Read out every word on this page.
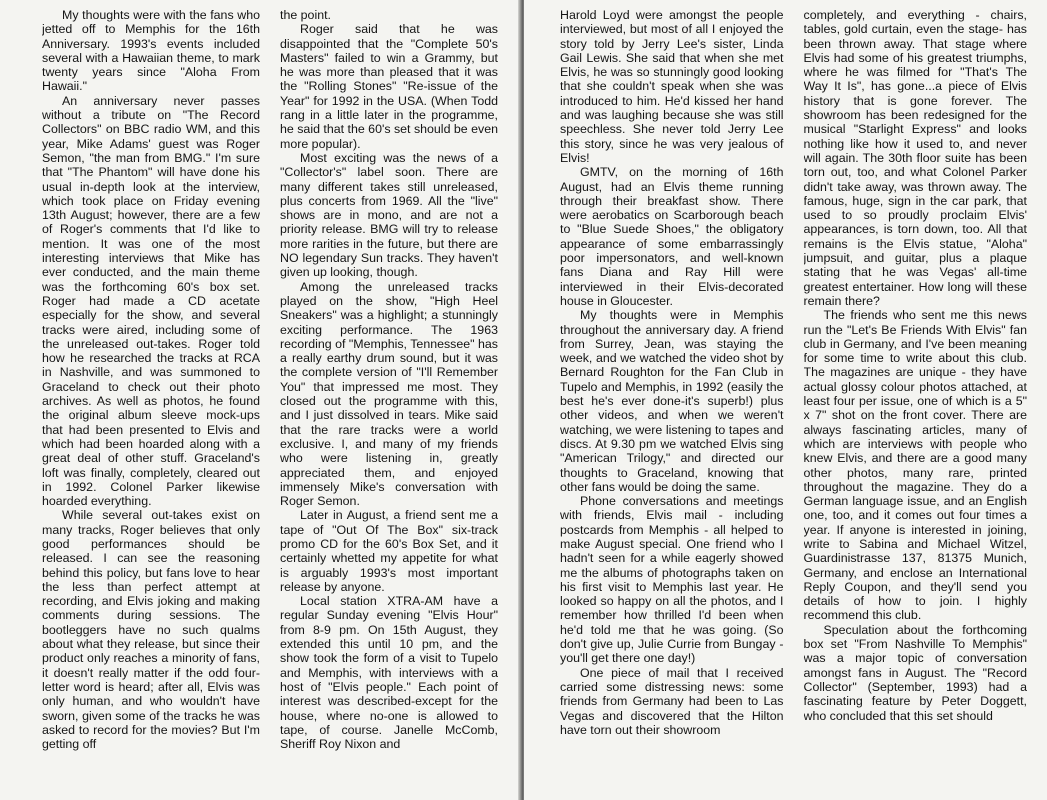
My thoughts were with the fans who jetted off to Memphis for the 16th Anniversary. 1993's events included several with a Hawaiian theme, to mark twenty years since "Aloha From Hawaii."

An anniversary never passes without a tribute on "The Record Collectors" on BBC radio WM, and this year, Mike Adams' guest was Roger Semon, "the man from BMG." I'm sure that "The Phantom" will have done his usual in-depth look at the interview, which took place on Friday evening 13th August; however, there are a few of Roger's comments that I'd like to mention. It was one of the most interesting interviews that Mike has ever conducted, and the main theme was the forthcoming 60's box set. Roger had made a CD acetate especially for the show, and several tracks were aired, including some of the unreleased out-takes. Roger told how he researched the tracks at RCA in Nashville, and was summoned to Graceland to check out their photo archives. As well as photos, he found the original album sleeve mock-ups that had been presented to Elvis and which had been hoarded along with a great deal of other stuff. Graceland's loft was finally, completely, cleared out in 1992. Colonel Parker likewise hoarded everything.

While several out-takes exist on many tracks, Roger believes that only good performances should be released. I can see the reasoning behind this policy, but fans love to hear the less than perfect attempt at recording, and Elvis joking and making comments during sessions. The bootleggers have no such qualms about what they release, but since their product only reaches a minority of fans, it doesn't really matter if the odd four-letter word is heard; after all, Elvis was only human, and who wouldn't have sworn, given some of the tracks he was asked to record for the movies? But I'm getting off

the point.

Roger said that he was disappointed that the "Complete 50's Masters" failed to win a Grammy, but he was more than pleased that it was the "Rolling Stones" "Re-issue of the Year" for 1992 in the USA. (When Todd rang in a little later in the programme, he said that the 60's set should be even more popular).

Most exciting was the news of a "Collector's" label soon. There are many different takes still unreleased, plus concerts from 1969. All the "live" shows are in mono, and are not a priority release. BMG will try to release more rarities in the future, but there are NO legendary Sun tracks. They haven't given up looking, though.

Among the unreleased tracks played on the show, "High Heel Sneakers" was a highlight; a stunningly exciting performance. The 1963 recording of "Memphis, Tennessee" has a really earthy drum sound, but it was the complete version of "I'll Remember You" that impressed me most. They closed out the programme with this, and I just dissolved in tears. Mike said that the rare tracks were a world exclusive. I, and many of my friends who were listening in, greatly appreciated them, and enjoyed immensely Mike's conversation with Roger Semon.

Later in August, a friend sent me a tape of "Out Of The Box" six-track promo CD for the 60's Box Set, and it certainly whetted my appetite for what is arguably 1993's most important release by anyone.

Local station XTRA-AM have a regular Sunday evening "Elvis Hour" from 8-9 pm. On 15th August, they extended this until 10 pm, and the show took the form of a visit to Tupelo and Memphis, with interviews with a host of "Elvis people." Each point of interest was described-except for the house, where no-one is allowed to tape, of course. Janelle McComb, Sheriff Roy Nixon and

Harold Loyd were amongst the people interviewed, but most of all I enjoyed the story told by Jerry Lee's sister, Linda Gail Lewis. She said that when she met Elvis, he was so stunningly good looking that she couldn't speak when she was introduced to him. He'd kissed her hand and was laughing because she was still speechless. She never told Jerry Lee this story, since he was very jealous of Elvis!

GMTV, on the morning of 16th August, had an Elvis theme running through their breakfast show. There were aerobatics on Scarborough beach to "Blue Suede Shoes," the obligatory appearance of some embarrassingly poor impersonators, and well-known fans Diana and Ray Hill were interviewed in their Elvis-decorated house in Gloucester.

My thoughts were in Memphis throughout the anniversary day. A friend from Surrey, Jean, was staying the week, and we watched the video shot by Bernard Roughton for the Fan Club in Tupelo and Memphis, in 1992 (easily the best he's ever done-it's superb!) plus other videos, and when we weren't watching, we were listening to tapes and discs. At 9.30 pm we watched Elvis sing "American Trilogy," and directed our thoughts to Graceland, knowing that other fans would be doing the same.

Phone conversations and meetings with friends, Elvis mail - including postcards from Memphis - all helped to make August special. One friend who I hadn't seen for a while eagerly showed me the albums of photographs taken on his first visit to Memphis last year. He looked so happy on all the photos, and I remember how thrilled I'd been when he'd told me that he was going. (So don't give up, Julie Currie from Bungay - you'll get there one day!)

One piece of mail that I received carried some distressing news: some friends from Germany had been to Las Vegas and discovered that the Hilton have torn out their showroom

completely, and everything - chairs, tables, gold curtain, even the stage- has been thrown away. That stage where Elvis had some of his greatest triumphs, where he was filmed for "That's The Way It Is", has gone...a piece of Elvis history that is gone forever. The showroom has been redesigned for the musical "Starlight Express" and looks nothing like how it used to, and never will again. The 30th floor suite has been torn out, too, and what Colonel Parker didn't take away, was thrown away. The famous, huge, sign in the car park, that used to so proudly proclaim Elvis' appearances, is torn down, too. All that remains is the Elvis statue, "Aloha" jumpsuit, and guitar, plus a plaque stating that he was Vegas' all-time greatest entertainer. How long will these remain there?

The friends who sent me this news run the "Let's Be Friends With Elvis" fan club in Germany, and I've been meaning for some time to write about this club. The magazines are unique - they have actual glossy colour photos attached, at least four per issue, one of which is a 5" x 7" shot on the front cover. There are always fascinating articles, many of which are interviews with people who knew Elvis, and there are a good many other photos, many rare, printed throughout the magazine. They do a German language issue, and an English one, too, and it comes out four times a year. If anyone is interested in joining, write to Sabina and Michael Witzel, Guardinistrasse 137, 81375 Munich, Germany, and enclose an International Reply Coupon, and they'll send you details of how to join. I highly recommend this club.

Speculation about the forthcoming box set "From Nashville To Memphis" was a major topic of conversation amongst fans in August. The "Record Collector" (September, 1993) had a fascinating feature by Peter Doggett, who concluded that this set should
